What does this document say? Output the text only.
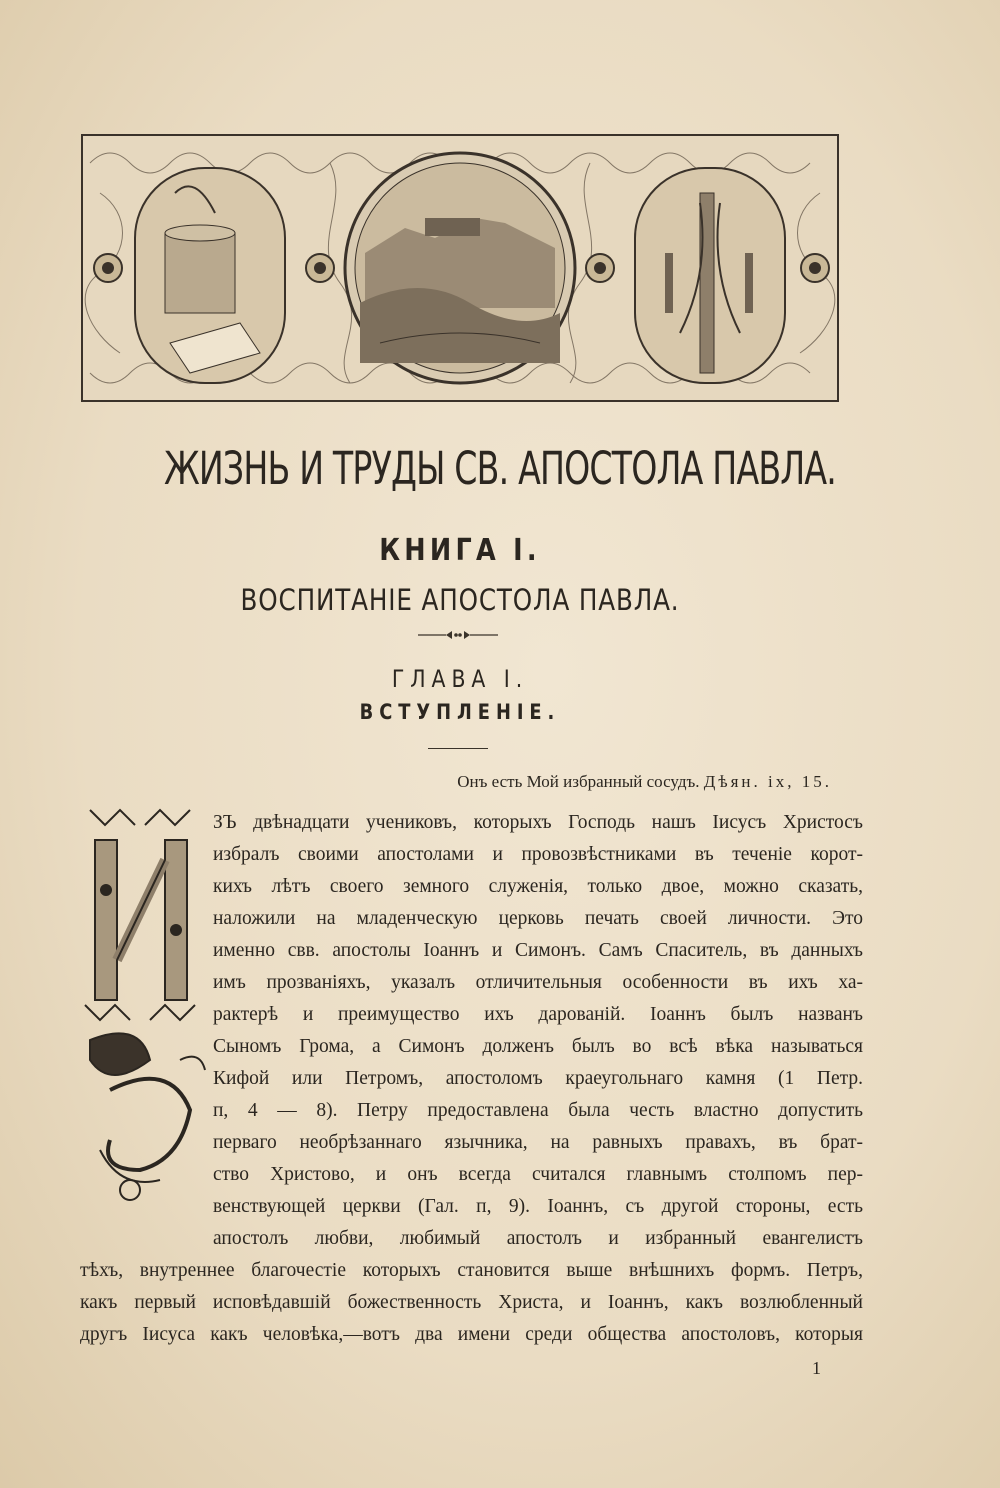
ЖИЗНЬ И ТРУДЫ СВ. АПОСТОЛА ПАВЛА.
КНИГА I.
ВОСПИТАНІЕ АПОСТОЛА ПАВЛА.
ГЛАВА I.
ВСТУПЛЕНІЕ.
Онъ есть Мой избранный сосудъ. Дѣян. ix, 15.
ЗЪ двѣнадцати учениковъ, которыхъ Господь нашъ Іисусъ Христосъ
избралъ своими апостолами и провозвѣстниками въ теченіе корот-
кихъ лѣтъ своего земного служенія, только двое, можно сказать,
наложили на младенческую церковь печать своей личности. Это
именно свв. апостолы Іоаннъ и Симонъ. Самъ Спаситель, въ данныхъ
имъ прозваніяхъ, указалъ отличительныя особенности въ ихъ ха-
рактерѣ и преимущество ихъ дарованій. Іоаннъ былъ названъ
Сыномъ Грома, а Симонъ долженъ былъ во всѣ вѣка называться
Кифой или Петромъ, апостоломъ краеугольнаго камня (1 Петр.
п, 4 — 8). Петру предоставлена была честь властно допустить
перваго необрѣзаннаго язычника, на равныхъ правахъ, въ брат-
ство Христово, и онъ всегда считался главнымъ столпомъ пер-
венствующей церкви (Гал. п, 9). Іоаннъ, съ другой стороны, есть
апостолъ любви, любимый апостолъ и избранный евангелистъ
тѣхъ, внутреннее благочестіе которыхъ становится выше внѣшнихъ формъ. Петръ,
какъ первый исповѣдавшій божественность Христа, и Іоаннъ, какъ возлюбленный
другъ Іисуса какъ человѣка,—вотъ два имени среди общества апостоловъ, которыя
1
